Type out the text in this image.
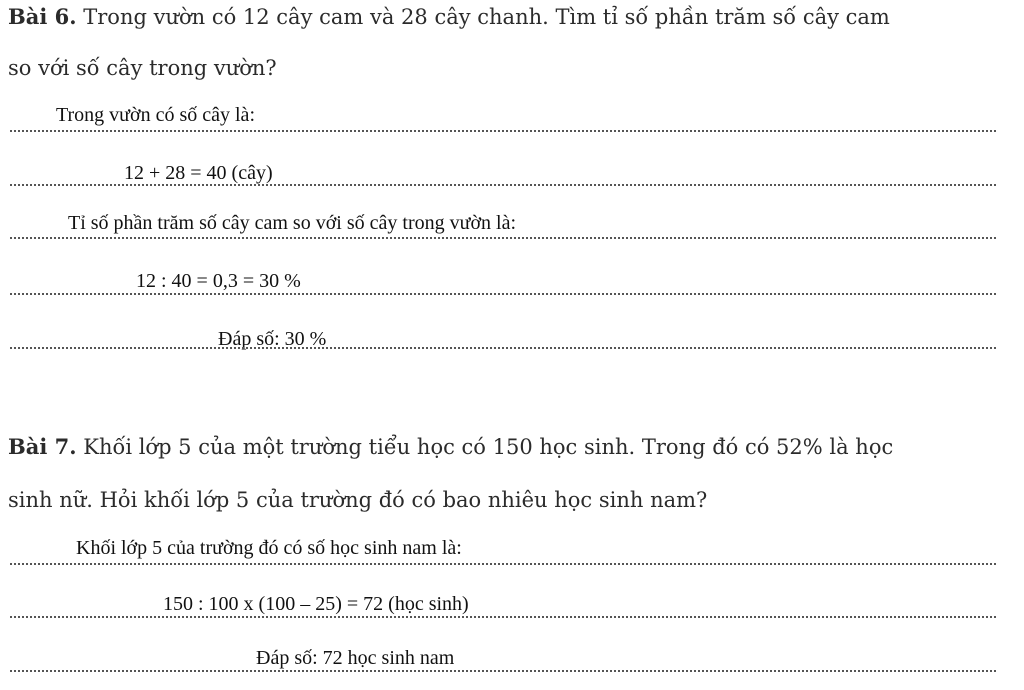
Bài 6. Trong vườn có 12 cây cam và 28 cây chanh. Tìm tỉ số phần trăm số cây cam
so với số cây trong vườn?
Trong vườn có số cây là:
12 + 28 = 40 (cây)
Tỉ số phần trăm số cây cam so với số cây trong vườn là:
12 : 40 = 0,3 = 30 %
Đáp số: 30 %
Bài 7. Khối lớp 5 của một trường tiểu học có 150 học sinh. Trong đó có 52% là học
sinh nữ. Hỏi khối lớp 5 của trường đó có bao nhiêu học sinh nam?
Khối lớp 5 của trường đó có số học sinh nam là:
150 : 100 x (100 – 25) = 72 (học sinh)
Đáp số: 72 học sinh nam
